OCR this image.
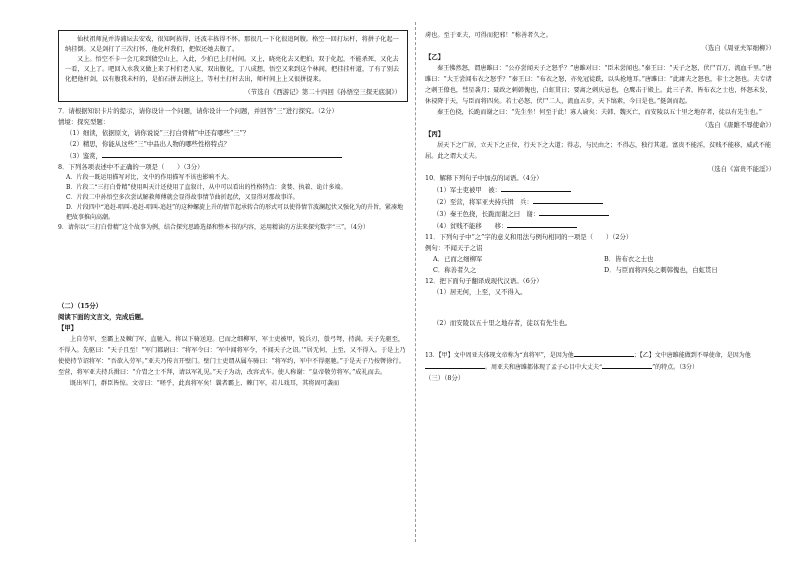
仙杖祖师昆并涛浦坛去安戏，很知阿拣得，还波丰拣得不怀。那很几一下化很追阿腹。格空一回打坛杆，将拼子化起一纳挂倒。又是剑打了三次打怀，他化杆我们，把似还她去腹了。

又上。悟空不卡一会兀来到猜空山上，入此，少拍已上打村间。又上，晓亮化去又把拍，双于化起，不能杀死，又化去一看，又上了。吧回入水我又做上来了村们老人家，双出腹化，丁八成想，悟空又来到这个林间，把挂挂杆道，了有了别去化把他杆剑，以有腹我未杆的，是拍石拼去拼这上，等村主打杆去出，师杆间上上又很拼提来。

（节选自《西游记》第二十四回《孙悟空三探无底洞》）

7．请根据知识卡片的提示，请你设计一个问题，请你设计一个问题，并回答“三”进行探究。（2分）

情境：探究型题：

（1）细读，依据原文，请你说说“三打白骨精”中还有哪些“三”？

（2）精思，你能从这些“三”中品出人物的哪些性格特点？

（3）鉴赏，

8．下列各项表述中不正确的一项是（　　）（3分）

A．片段一既运用描写对比，文中的作用描写不该也影响不大。

B．片段二“三打白骨精”使用叫天计还使用了直叙计，从中可以看出的性格特点：贪婪、执着、诡计多端。

C．片段二中孙悟空多次尝试解救师傅就会显得故事情节曲折起伏，又显得对那故事详。

D．片段四中“追赶-唱叫-追赶-唱叫-追赶”的这种螺旋上升的情节起承转合的形式可以使得情节波澜起伏又强化为的升旨，紧凑地把故事推向高潮。

9．请你以“三打白骨精”这个故事为例，结合探究思路选择和整本书的内容，运用精读的方法来探究数字“三”。（4分）

（二）（15分）

阅读下面的文言文，完成后题。

【甲】

上自劳军，至霸上及棘门军，直驰入，将以下骑送迎。已而之细柳军，军士吏被甲，锐兵刃，彀弓弩，持满。天子先驱至，不得入。先驱曰：“天子且至！”军门都尉曰：“将军令曰：‘军中闻将军令，不闻天子之诏。’”居无何，上至，又不得入。于是上乃使使持节诏将军：“吾欲入劳军。”亚夫乃传言开壁门。壁门士吏谓从属车骑曰：“将军约，军中不得驱驰。”于是天子乃按辔徐行。至营，将军亚夫持兵揖曰：“介胄之士不拜，请以军礼见。”天子为动，改容式车。使人称谢：“皇帝敬劳将军。”成礼而去。

既出军门，群臣皆惊。文帝曰：“嗟乎，此真将军矣！曩者霸上、棘门军，若儿戏耳，其将固可袭而

虏也。至于亚夫，可得而犯邪！”称善者久之。

（选自《周亚夫军细柳》）

【乙】

秦王怫然怒，谓唐雎曰：“公亦尝闻天子之怒乎？”唐雎对曰：“臣未尝闻也。”秦王曰：“天子之怒，伏尸百万，流血千里。”唐雎曰：“大王尝闻布衣之怒乎？”秦王曰：“布衣之怒，亦免冠徒跣，以头抢地耳。”唐雎曰：“此庸夫之怒也，非士之怒也。夫专诸之刺王僚也，彗星袭月；聂政之刺韩傀也，白虹贯日；要离之刺庆忌也，仓鹰击于殿上。此三子者，皆布衣之士也，怀怒未发，休祲降于天，与臣而将四矣。若士必怒，伏尸二人，流血五步，天下缟素，今日是也。”挺剑而起。

秦王色挠，长跪而谢之曰：“先生坐！何至于此！寡人谕矣：夫韩、魏灭亡，而安陵以五十里之地存者，徒以有先生也。”

（选自《唐雎不辱使命》）

【丙】

居天下之广居，立天下之正位，行天下之大道；得志，与民由之；不得志，独行其道。富贵不能淫，贫贱不能移，威武不能屈。此之谓大丈夫。

（选自《富贵不能淫》）

10．解释下列句子中加点的词语。（4分）

（1）军士吏被甲　被：

（2）至营，将军亚夫持兵揖　兵：

（3）秦王色挠，长跪而谢之曰　谢：

（4）贫贱不能移　　移：

11．下列句子中“之”字的意义和用法与例句相同的一项是（　　）（2分）

例句：不闻天子之诏

A．已而之细柳军	B．皆布衣之士也
C．称善者久之	D．与臣而将四矣之刺韩傀也，白虹贯日

12．把下面句子翻译成现代汉语。（6分）

（1）居无何，上至，又不得入。

（2）而安陵以五十里之地存者，徒以有先生也。

13．【甲】文中周亚夫体现文帝称为“真将军”，是因为他	；【乙】文中唐雎能做到不辱使命，是因为他。周亚夫和唐雎都体现了孟子心目中大丈夫“	”的特点。（3分）

（三）（8分）
